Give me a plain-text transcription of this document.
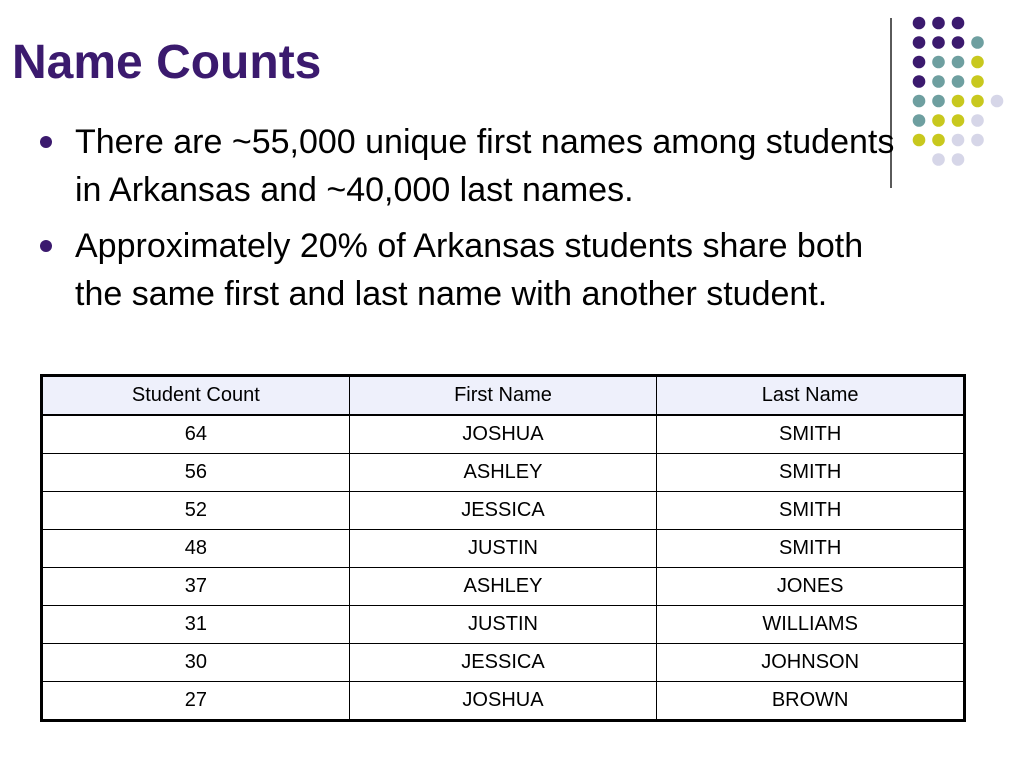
Name Counts
There are ~55,000 unique first names among students in Arkansas and ~40,000 last names.
Approximately 20% of Arkansas students share both the same first and last name with another student.
Student Count	First Name	Last Name
64	JOSHUA	SMITH
56	ASHLEY	SMITH
52	JESSICA	SMITH
48	JUSTIN	SMITH
37	ASHLEY	JONES
31	JUSTIN	WILLIAMS
30	JESSICA	JOHNSON
27	JOSHUA	BROWN
